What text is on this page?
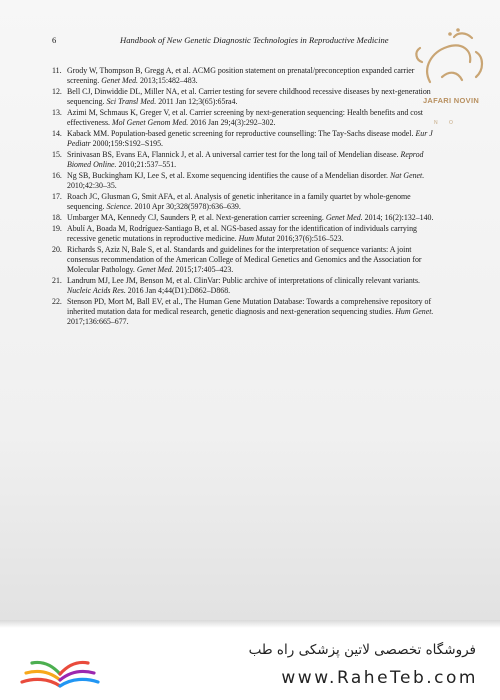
6	Handbook of New Genetic Diagnostic Technologies in Reproductive Medicine
11. Grody W, Thompson B, Gregg A, et al. ACMG position statement on prenatal/preconception expanded carrier screening. Genet Med. 2013;15:482–483.
12. Bell CJ, Dinwiddie DL, Miller NA, et al. Carrier testing for severe childhood recessive diseases by next-generation sequencing. Sci Transl Med. 2011 Jan 12;3(65):65ra4.
13. Azimi M, Schmaus K, Greger V, et al. Carrier screening by next-generation sequencing: Health benefits and cost effectiveness. Mol Genet Genom Med. 2016 Jan 29;4(3):292–302.
14. Kaback MM. Population-based genetic screening for reproductive counselling: The Tay-Sachs disease model. Eur J Pediatr 2000;159:S192–S195.
15. Srinivasan BS, Evans EA, Flannick J, et al. A universal carrier test for the long tail of Mendelian disease. Reprod Biomed Online. 2010;21:537–551.
16. Ng SB, Buckingham KJ, Lee S, et al. Exome sequencing identifies the cause of a Mendelian disorder. Nat Genet. 2010;42:30–35.
17. Roach JC, Glusman G, Smit AFA, et al. Analysis of genetic inheritance in a family quartet by whole-genome sequencing. Science. 2010 Apr 30;328(5978):636–639.
18. Umbarger MA, Kennedy CJ, Saunders P, et al. Next-generation carrier screening. Genet Med. 2014; 16(2):132–140.
19. Abulí A, Boada M, Rodríguez-Santiago B, et al. NGS-based assay for the identification of individuals carrying recessive genetic mutations in reproductive medicine. Hum Mutat 2016;37(6):516–523.
20. Richards S, Aziz N, Bale S, et al. Standards and guidelines for the interpretation of sequence variants: A joint consensus recommendation of the American College of Medical Genetics and Genomics and the Association for Molecular Pathology. Genet Med. 2015;17:405–423.
21. Landrum MJ, Lee JM, Benson M, et al. ClinVar: Public archive of interpretations of clinically relevant variants. Nucleic Acids Res. 2016 Jan 4;44(D1):D862–D868.
22. Stenson PD, Mort M, Ball EV, et al., The Human Gene Mutation Database: Towards a comprehensive repository of inherited mutation data for medical research, genetic diagnosis and next-generation sequencing studies. Hum Genet. 2017;136:665–677.
JAFARI NOVIN
N O
فروشگاه تخصصی لاتین پزشکی راه طب
www.RaheTeb.com
